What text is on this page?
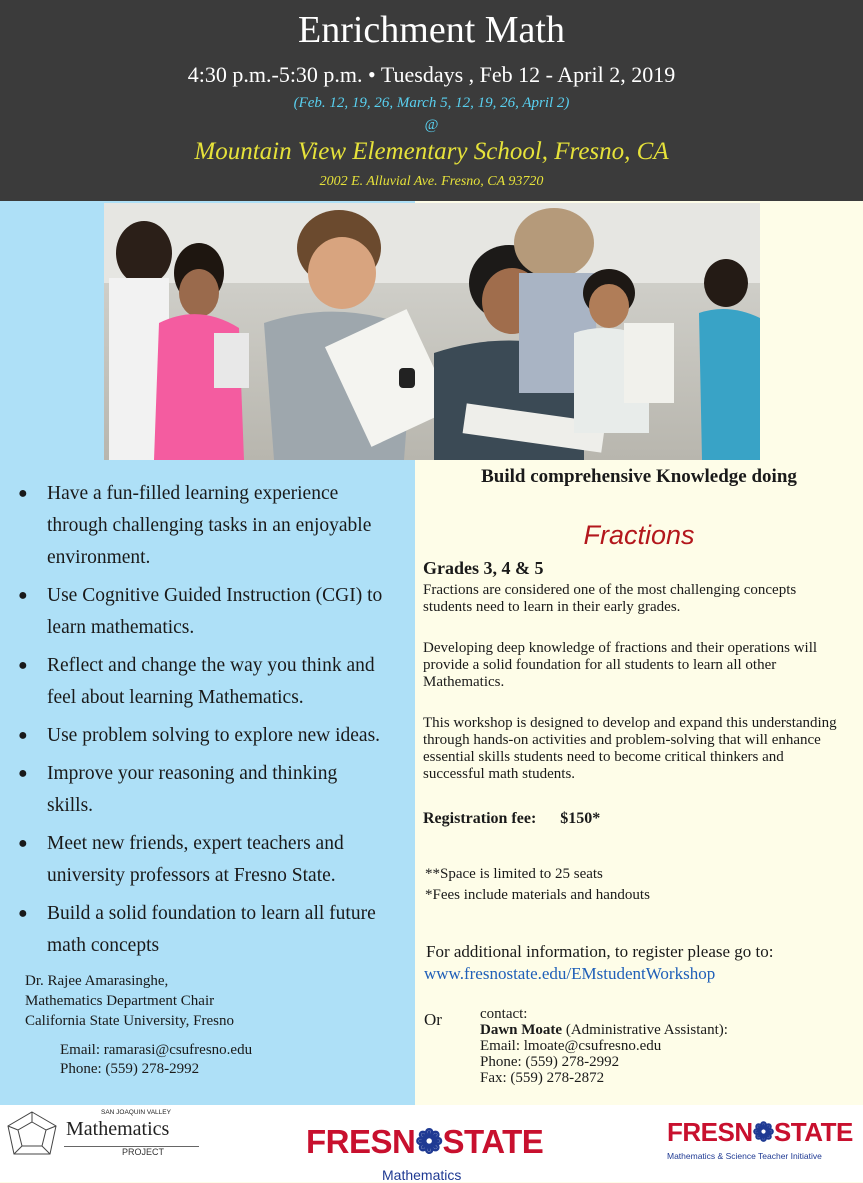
Enrichment Math
4:30 p.m.-5:30 p.m. • Tuesdays , Feb 12 - April 2, 2019
(Feb. 12, 19, 26, March 5, 12, 19, 26, April 2)
@
Mountain View Elementary School, Fresno, CA
2002 E. Alluvial Ave. Fresno, CA 93720
● Have a fun-filled learning experience through challenging tasks in an enjoyable environment.
● Use Cognitive Guided Instruction (CGI) to learn mathematics.
● Reflect and change the way you think and feel about learning Mathematics.
● Use problem solving to explore new ideas.
● Improve your reasoning and thinking skills.
● Meet new friends, expert teachers and university professors at Fresno State.
● Build a solid foundation to learn all future math concepts
Dr. Rajee Amarasinghe,
Mathematics Department Chair
California State University, Fresno
Email: ramarasi@csufresno.edu
Phone: (559) 278-2992
Build comprehensive Knowledge doing
Fractions
Grades 3, 4 & 5
Fractions are considered one of the most challenging concepts students need to learn in their early grades.
Developing deep knowledge of fractions and their operations will provide a solid foundation for all students to learn all other Mathematics.
This workshop is designed to develop and expand this understanding through hands-on activities and problem-solving that will enhance essential skills students need to become critical thinkers and successful math students.
Registration fee: $150*
**Space is limited to 25 seats
*Fees include materials and handouts
For additional information, to register please go to:
www.fresnostate.edu/EMstudentWorkshop
Or	contact:
Dawn Moate (Administrative Assistant):
Email: lmoate@csufresno.edu
Phone: (559) 278-2992
Fax: (559) 278-2872
SAN JOAQUIN VALLEY
Mathematics
PROJECT	FRESN❁STATE
Mathematics
FRESN❁STATE
Mathematics & Science Teacher Initiative
